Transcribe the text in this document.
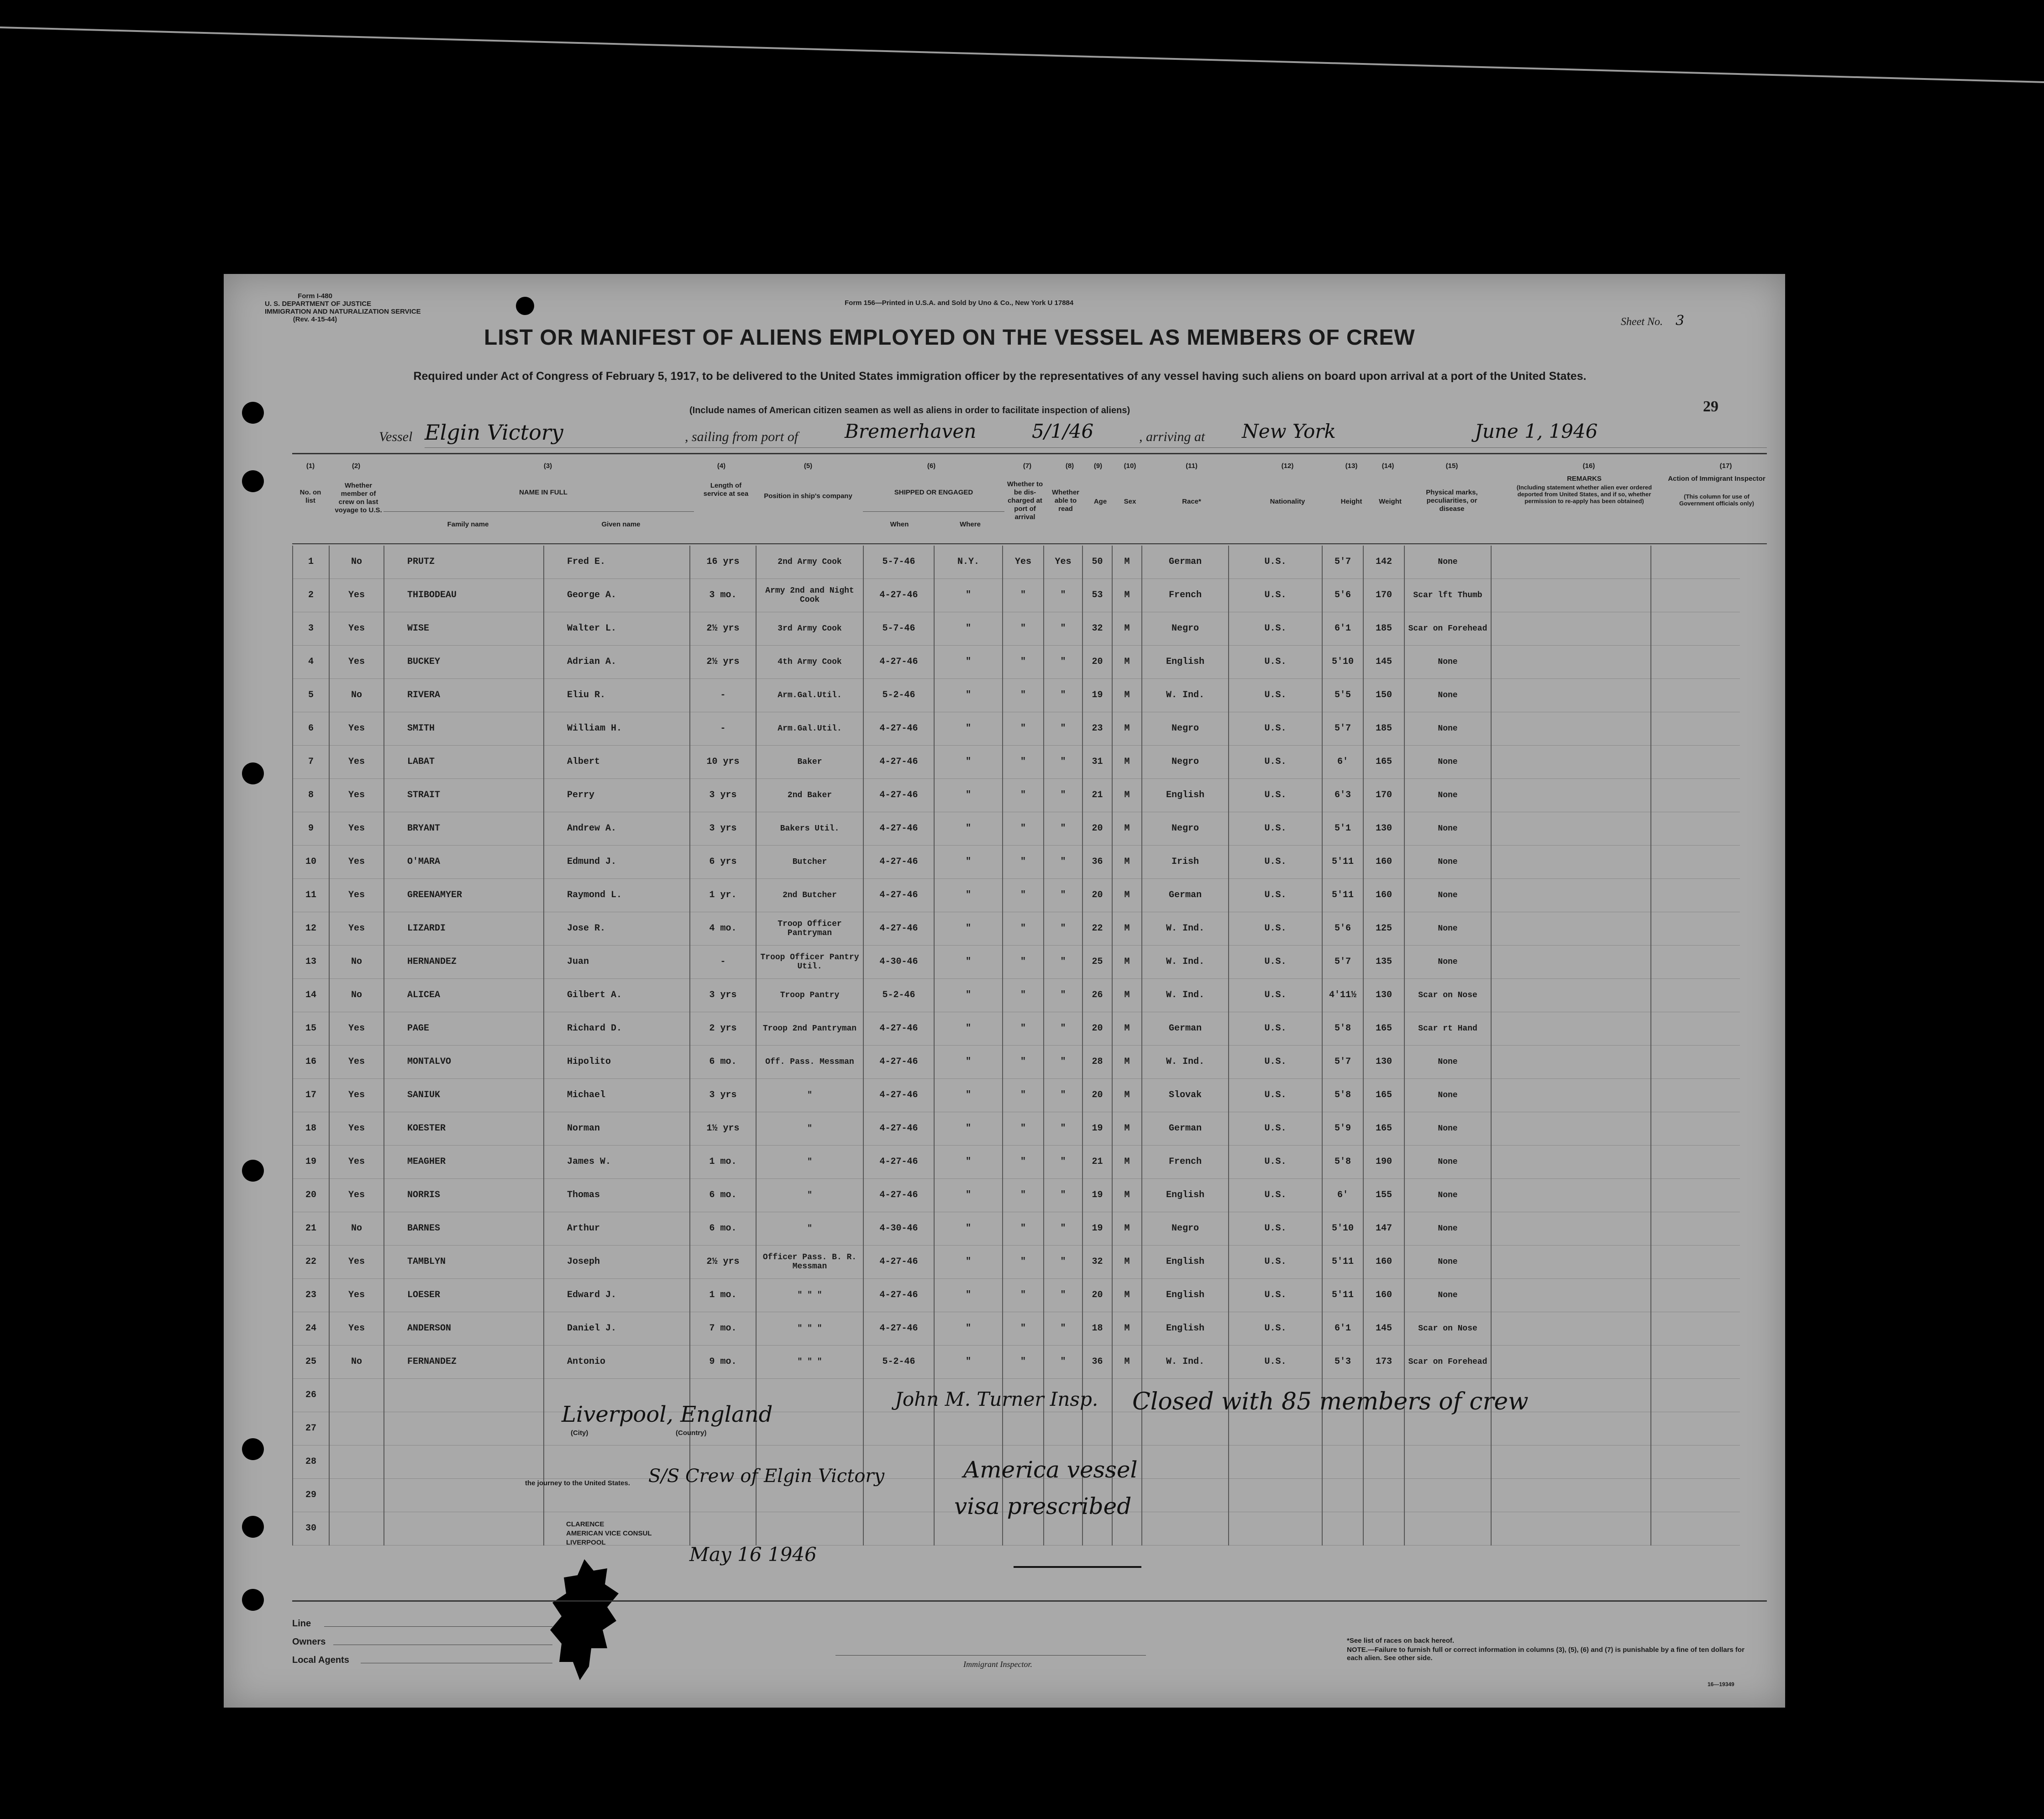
Form I-480
U. S. DEPARTMENT OF JUSTICE
IMMIGRATION AND NATURALIZATION SERVICE
(Rev. 4-15-44)
Form 156—Printed in U.S.A. and Sold by Uno & Co., New York U 17884
Sheet No. 3
LIST OR MANIFEST OF ALIENS EMPLOYED ON THE VESSEL AS MEMBERS OF CREW
Required under Act of Congress of February 5, 1917, to be delivered to the United States immigration officer by the representatives of any vessel having such aliens on board upon arrival at a port of the United States.
(Include names of American citizen seamen as well as aliens in order to facilitate inspection of aliens)	29
Vessel Elgin Victory	, sailing from port of Bremerhaven	5/1/46	, arriving at New York	June 1, 1946
(1)	(2)	(3)	(4)	(5)	(6)	(7)	(8)	(9)	(10)	(11)	(12)	(13)	(14)	(15)	(16)	(17)
No. on list
Whether member of crew on last voyage to U.S.
NAME IN FULL
Family name	Given name
Length of service at sea	Position in ship's company	SHIPPED OR ENGAGED
When	Where
Whether to be dis-charged at port of arrival
Whether able to read
Age	Sex	Race*	Nationality	Height	Weight
Physical marks, peculiarities, or disease
REMARKS
(Including statement whether alien ever ordered deported from United States, and if so, whether permission to re-apply has been obtained)
Action of Immigrant Inspector
(This column for use of Government officials only)
1	No	PRUTZ	Fred E.	16 yrs	2nd Army Cook	5-7-46	N.Y.	Yes	Yes	50	M	German	U.S.	5'7	142	None		
2	Yes	THIBODEAU	George A.	3 mo.	Army 2nd and Night Cook	4-27-46	"	"	"	53	M	French	U.S.	5'6	170	Scar lft Thumb		
3	Yes	WISE	Walter L.	2½ yrs	3rd Army Cook	5-7-46	"	"	"	32	M	Negro	U.S.	6'1	185	Scar on Forehead		
4	Yes	BUCKEY	Adrian A.	2½ yrs	4th Army Cook	4-27-46	"	"	"	20	M	English	U.S.	5'10	145	None		
5	No	RIVERA	Eliu R.	-	Arm.Gal.Util.	5-2-46	"	"	"	19	M	W. Ind.	U.S.	5'5	150	None		
6	Yes	SMITH	William H.	-	Arm.Gal.Util.	4-27-46	"	"	"	23	M	Negro	U.S.	5'7	185	None		
7	Yes	LABAT	Albert	10 yrs	Baker	4-27-46	"	"	"	31	M	Negro	U.S.	6'	165	None		
8	Yes	STRAIT	Perry	3 yrs	2nd Baker	4-27-46	"	"	"	21	M	English	U.S.	6'3	170	None		
9	Yes	BRYANT	Andrew A.	3 yrs	Bakers Util.	4-27-46	"	"	"	20	M	Negro	U.S.	5'1	130	None		
10	Yes	O'MARA	Edmund J.	6 yrs	Butcher	4-27-46	"	"	"	36	M	Irish	U.S.	5'11	160	None		
11	Yes	GREENAMYER	Raymond L.	1 yr.	2nd Butcher	4-27-46	"	"	"	20	M	German	U.S.	5'11	160	None		
12	Yes	LIZARDI	Jose R.	4 mo.	Troop Officer Pantryman	4-27-46	"	"	"	22	M	W. Ind.	U.S.	5'6	125	None		
13	No	HERNANDEZ	Juan	-	Troop Officer Pantry Util.	4-30-46	"	"	"	25	M	W. Ind.	U.S.	5'7	135	None		
14	No	ALICEA	Gilbert A.	3 yrs	Troop Pantry	5-2-46	"	"	"	26	M	W. Ind.	U.S.	4'11½	130	Scar on Nose		
15	Yes	PAGE	Richard D.	2 yrs	Troop 2nd Pantryman	4-27-46	"	"	"	20	M	German	U.S.	5'8	165	Scar rt Hand		
16	Yes	MONTALVO	Hipolito	6 mo.	Off. Pass. Messman	4-27-46	"	"	"	28	M	W. Ind.	U.S.	5'7	130	None		
17	Yes	SANIUK	Michael	3 yrs	"	4-27-46	"	"	"	20	M	Slovak	U.S.	5'8	165	None		
18	Yes	KOESTER	Norman	1½ yrs	"	4-27-46	"	"	"	19	M	German	U.S.	5'9	165	None		
19	Yes	MEAGHER	James W.	1 mo.	"	4-27-46	"	"	"	21	M	French	U.S.	5'8	190	None		
20	Yes	NORRIS	Thomas	6 mo.	"	4-27-46	"	"	"	19	M	English	U.S.	6'	155	None		
21	No	BARNES	Arthur	6 mo.	"	4-30-46	"	"	"	19	M	Negro	U.S.	5'10	147	None		
22	Yes	TAMBLYN	Joseph	2½ yrs	Officer Pass. B. R. Messman	4-27-46	"	"	"	32	M	English	U.S.	5'11	160	None		
23	Yes	LOESER	Edward J.	1 mo.	" " "	4-27-46	"	"	"	20	M	English	U.S.	5'11	160	None		
24	Yes	ANDERSON	Daniel J.	7 mo.	" " "	4-27-46	"	"	"	18	M	English	U.S.	6'1	145	Scar on Nose		
25	No	FERNANDEZ	Antonio	9 mo.	" " "	5-2-46	"	"	"	36	M	W. Ind.	U.S.	5'3	173	Scar on Forehead		
26																		
27																		
28																		
29																		
30																		
Liverpool, England
(City)	(Country)
the journey to the United States. S/S Crew of Elgin Victory
CLARENCE
AMERICAN VICE CONSUL
LIVERPOOL
May 16 1946
John M. Turner Insp. Closed with 85 members of crew
America vessel
visa prescribed
Line
Owners
Local Agents	Immigrant Inspector.
*See list of races on back hereof.
NOTE.—Failure to furnish full or correct information in columns (3), (5), (6) and (7) is punishable by a fine of ten dollars for each alien. See other side.
16—19349
